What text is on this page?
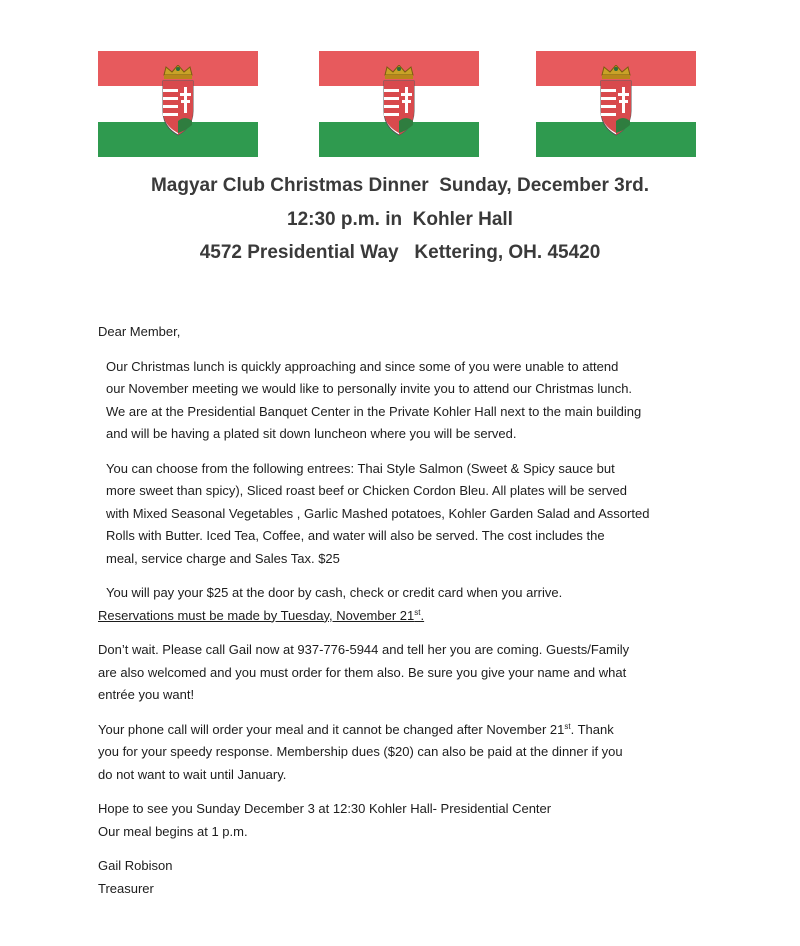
Magyar Club Christmas Dinner  Sunday, December 3rd.
12:30 p.m. in  Kohler Hall
4572 Presidential Way   Kettering, OH. 45420

Dear Member,

Our Christmas lunch is quickly approaching and since some of you were unable to attend
our November meeting we would like to personally invite you to attend our Christmas lunch.
We are at the Presidential Banquet Center in the Private Kohler Hall next to the main building
and will be having a plated sit down luncheon where you will be served.

You can choose from the following entrees: Thai Style Salmon (Sweet & Spicy sauce but
more sweet than spicy), Sliced roast beef or Chicken Cordon Bleu. All plates will be served
with Mixed Seasonal Vegetables , Garlic Mashed potatoes, Kohler Garden Salad and Assorted
Rolls with Butter. Iced Tea, Coffee, and water will also be served. The cost includes the
meal, service charge and Sales Tax. $25

You will pay your $25 at the door by cash, check or credit card when you arrive.
Reservations must be made by Tuesday, November 21st.

Don’t wait. Please call Gail now at 937-776-5944 and tell her you are coming. Guests/Family
are also welcomed and you must order for them also. Be sure you give your name and what
entrée you want!

Your phone call will order your meal and it cannot be changed after November 21st. Thank
you for your speedy response. Membership dues ($20) can also be paid at the dinner if you
do not want to wait until January.

Hope to see you Sunday December 3 at 12:30 Kohler Hall- Presidential Center
Our meal begins at 1 p.m.

Gail Robison
Treasurer
